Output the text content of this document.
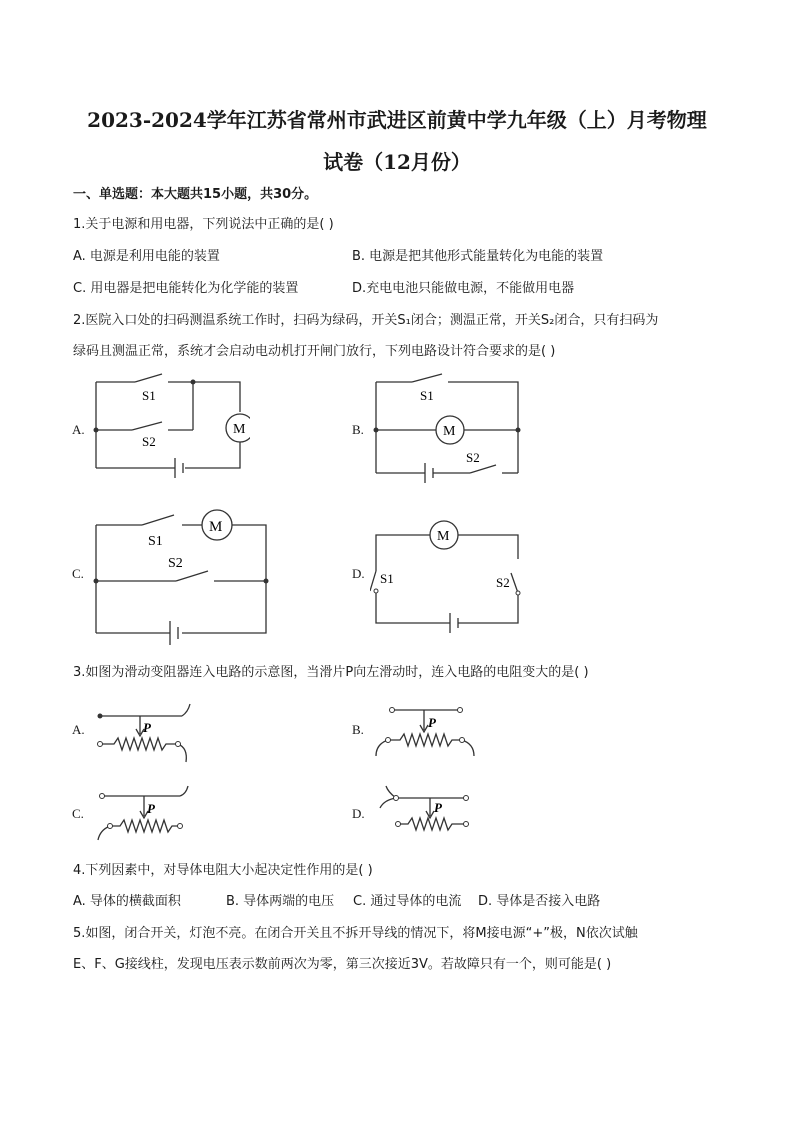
2023-2024学年江苏省常州市武进区前黄中学九年级（上）月考物理
试卷（12月份）
一、单选题：本大题共15小题，共30分。
1.关于电源和用电器，下列说法中正确的是( )
A. 电源是利用电能的装置	B. 电源是把其他形式能量转化为电能的装置
C. 用电器是把电能转化为化学能的装置	D.充电电池只能做电源，不能做用电器
2.医院入口处的扫码测温系统工作时，扫码为绿码，开关S₁闭合；测温正常，开关S₂闭合，只有扫码为
绿码且测温正常，系统才会启动电动机打开闸门放行，下列电路设计符合要求的是( )
A.	M
S1
S2
B.	M
S1
S2
C.
M
S1
S2
D.
M
S1	S2
3.如图为滑动变阻器连入电路的示意图，当滑片P向左滑动时，连入电路的电阻变大的是( )
A.	P	B.	P
C.	P	D.	P
4.下列因素中，对导体电阻大小起决定性作用的是( )
A. 导体的横截面积	B. 导体两端的电压 C. 通过导体的电流 D. 导体是否接入电路
5.如图，闭合开关，灯泡不亮。在闭合开关且不拆开导线的情况下，将M接电源“+”极，N依次试触
E、F、G接线柱，发现电压表示数前两次为零，第三次接近3V。若故障只有一个，则可能是( )
